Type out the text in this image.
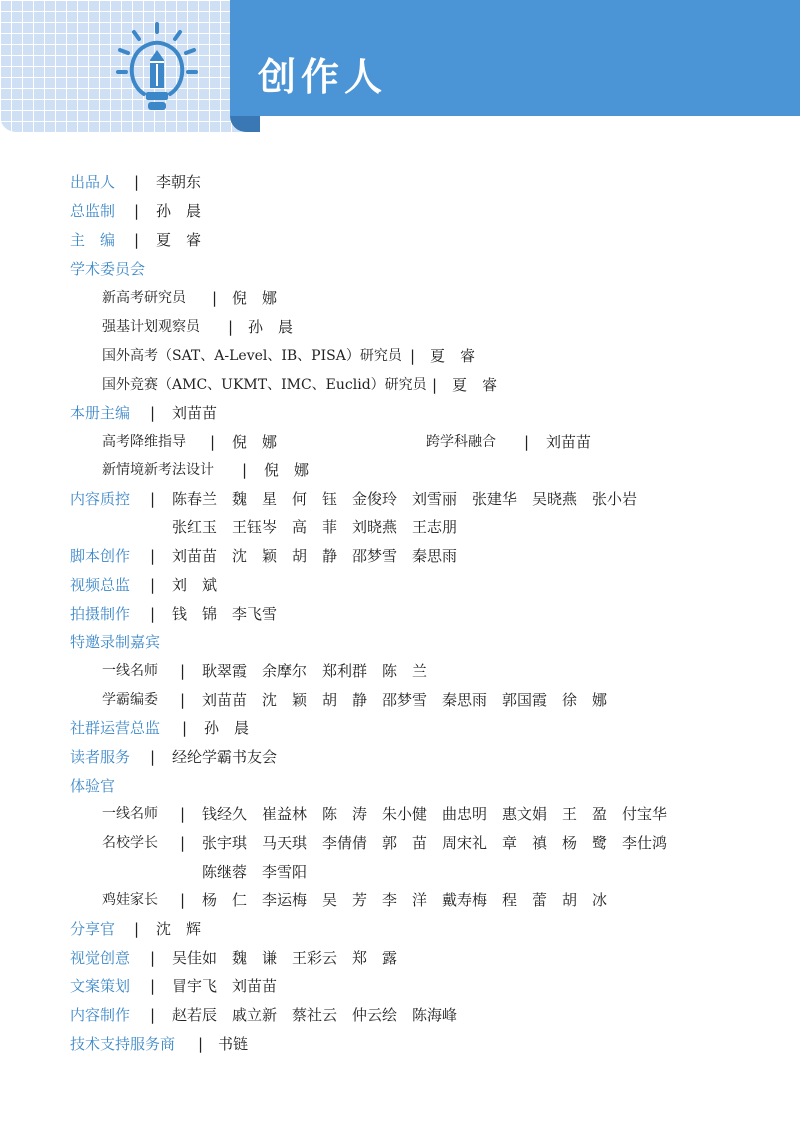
创作人
出品人 | 李朝东
总监制 | 孙　晨
主　编 | 夏　睿
学术委员会
新高考研究员 | 倪　娜
强基计划观察员 | 孙　晨
国外高考（SAT、A-Level、IB、PISA）研究员 | 夏　睿
国外竞赛（AMC、UKMT、IMC、Euclid）研究员 | 夏　睿
本册主编 | 刘苗苗
高考降维指导 | 倪　娜	跨学科融合 | 刘苗苗
新情境新考法设计 | 倪　娜
内容质控 | 陈春兰　魏　星　何　钰　金俊玲　刘雪丽　张建华　吴晓燕　张小岩
张红玉　王钰岑　高　菲　刘晓燕　王志朋
脚本创作 | 刘苗苗　沈　颖　胡　静　邵梦雪　秦思雨
视频总监 | 刘　斌
拍摄制作 | 钱　锦　李飞雪
特邀录制嘉宾
一线名师 | 耿翠霞　余摩尔　郑利群　陈　兰
学霸编委 | 刘苗苗　沈　颖　胡　静　邵梦雪　秦思雨　郭国霞　徐　娜
社群运营总监 | 孙　晨
读者服务 | 经纶学霸书友会
体验官
一线名师 | 钱经久　崔益林　陈　涛　朱小健　曲忠明　惠文娟　王　盈　付宝华
名校学长 | 张宇琪　马天琪　李倩倩　郭　苗　周宋礼　章　禛　杨　鹭　李仕鸿
陈继蓉　李雪阳
鸡娃家长 | 杨　仁　李运梅　吴　芳　李　洋　戴寿梅　程　蕾　胡　冰
分享官 | 沈　辉
视觉创意 | 吴佳如　魏　谦　王彩云　郑　露
文案策划 | 冒宇飞　刘苗苗
内容制作 | 赵若辰　戚立新　蔡社云　仲云绘　陈海峰
技术支持服务商 | 书链
